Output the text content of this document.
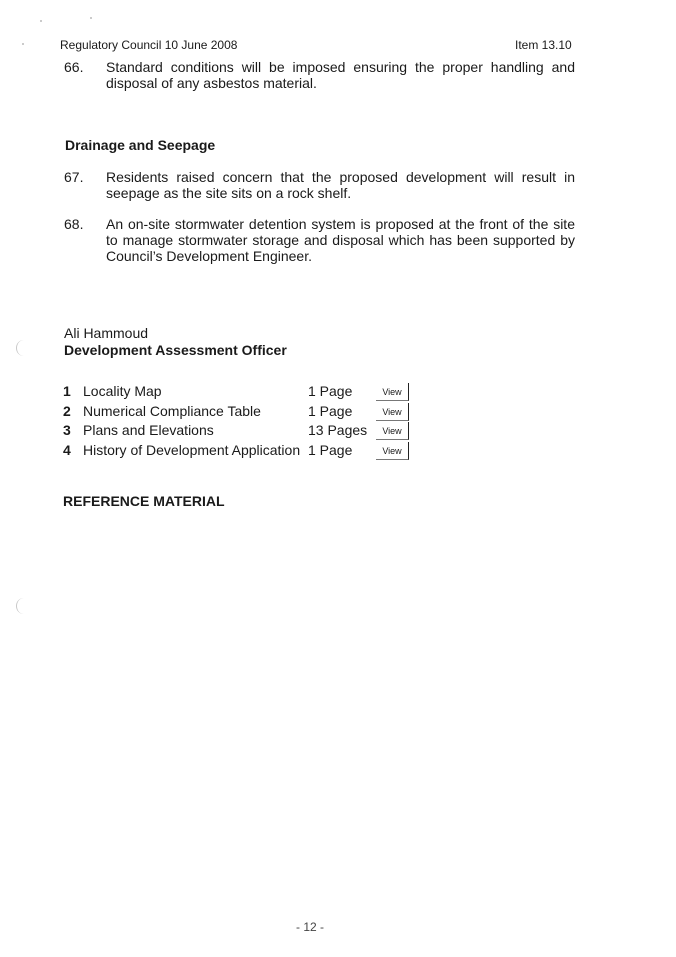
Regulatory Council 10 June 2008	Item 13.10
66.	Standard conditions will be imposed ensuring the proper handling and disposal of any asbestos material.
Drainage and Seepage
67.	Residents raised concern that the proposed development will result in seepage as the site sits on a rock shelf.
68.	An on-site stormwater detention system is proposed at the front of the site to manage stormwater storage and disposal which has been supported by Council’s Development Engineer.
Ali Hammoud
Development Assessment Officer
1 Locality Map	1 Page	View
2 Numerical Compliance Table	1 Page	View
3 Plans and Elevations	13 Pages	View
4 History of Development Application 1 Page	View
REFERENCE MATERIAL
- 12 -
